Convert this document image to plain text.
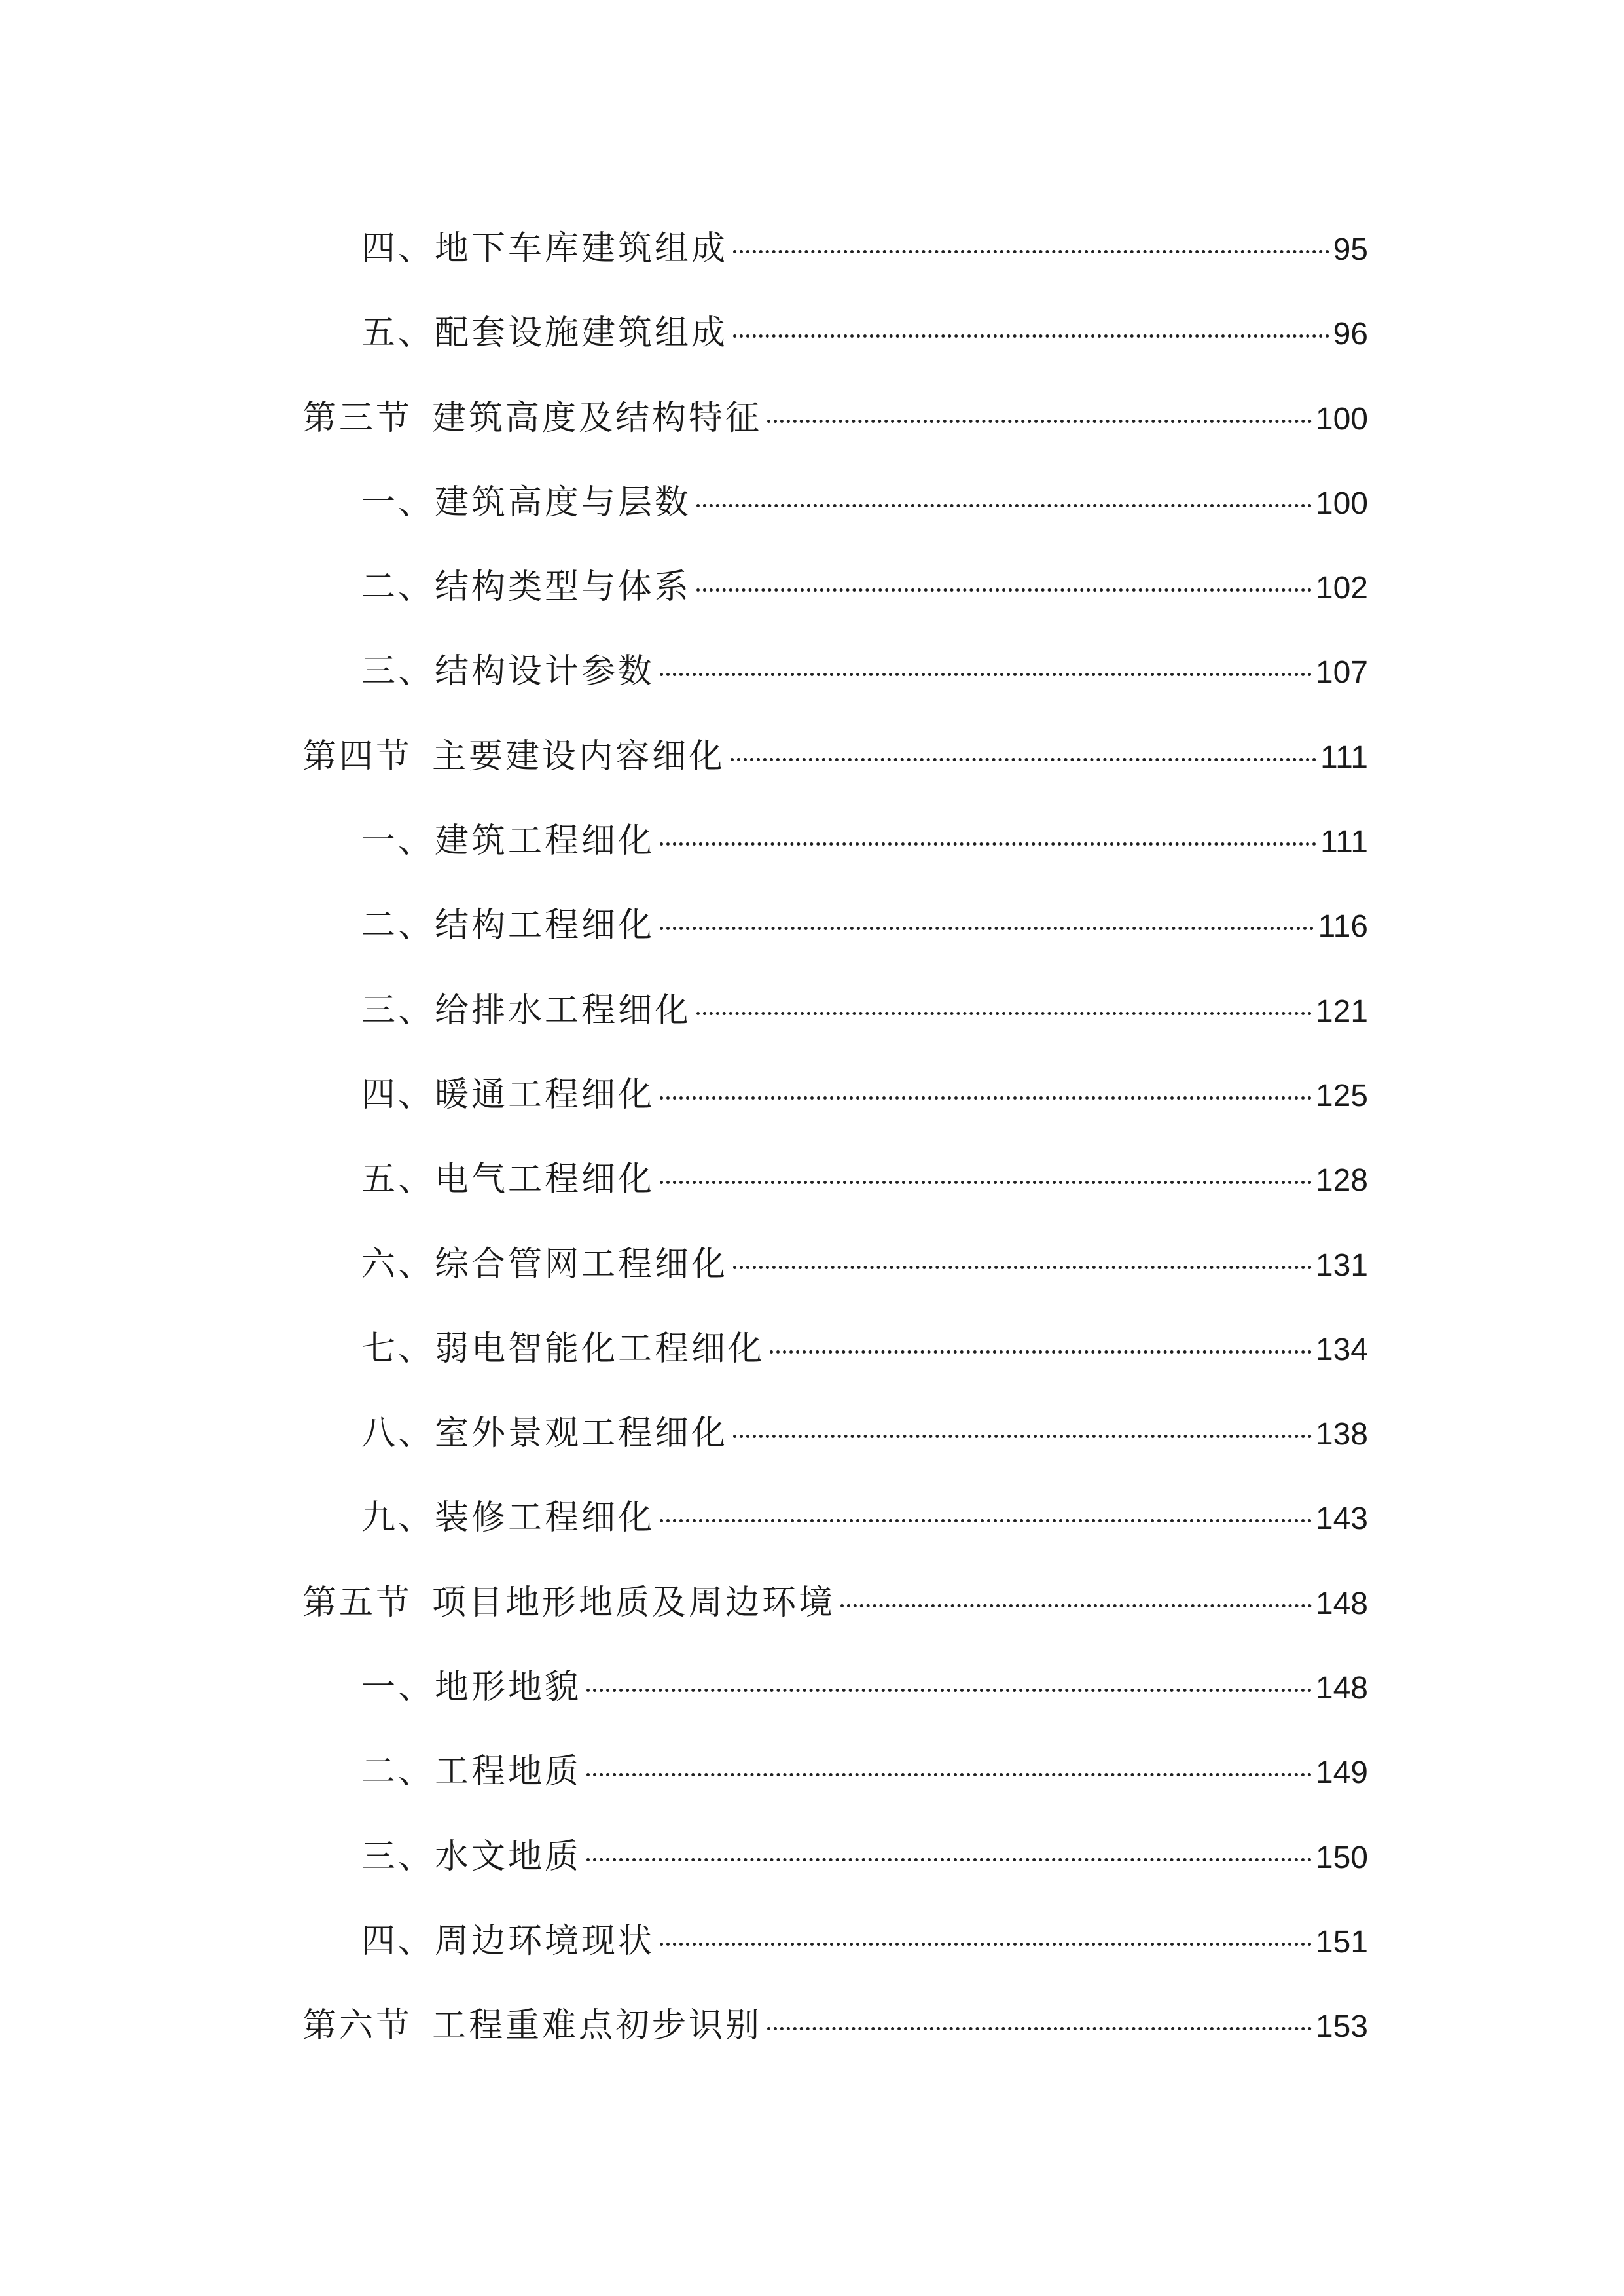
四、地下车库建筑组成	95
五、配套设施建筑组成	96
第三节 建筑高度及结构特征	100
一、建筑高度与层数	100
二、结构类型与体系	102
三、结构设计参数	107
第四节 主要建设内容细化	111
一、建筑工程细化	111
二、结构工程细化	116
三、给排水工程细化	121
四、暖通工程细化	125
五、电气工程细化	128
六、综合管网工程细化	131
七、弱电智能化工程细化	134
八、室外景观工程细化	138
九、装修工程细化	143
第五节 项目地形地质及周边环境	148
一、地形地貌	148
二、工程地质	149
三、水文地质	150
四、周边环境现状	151
第六节 工程重难点初步识别	153
